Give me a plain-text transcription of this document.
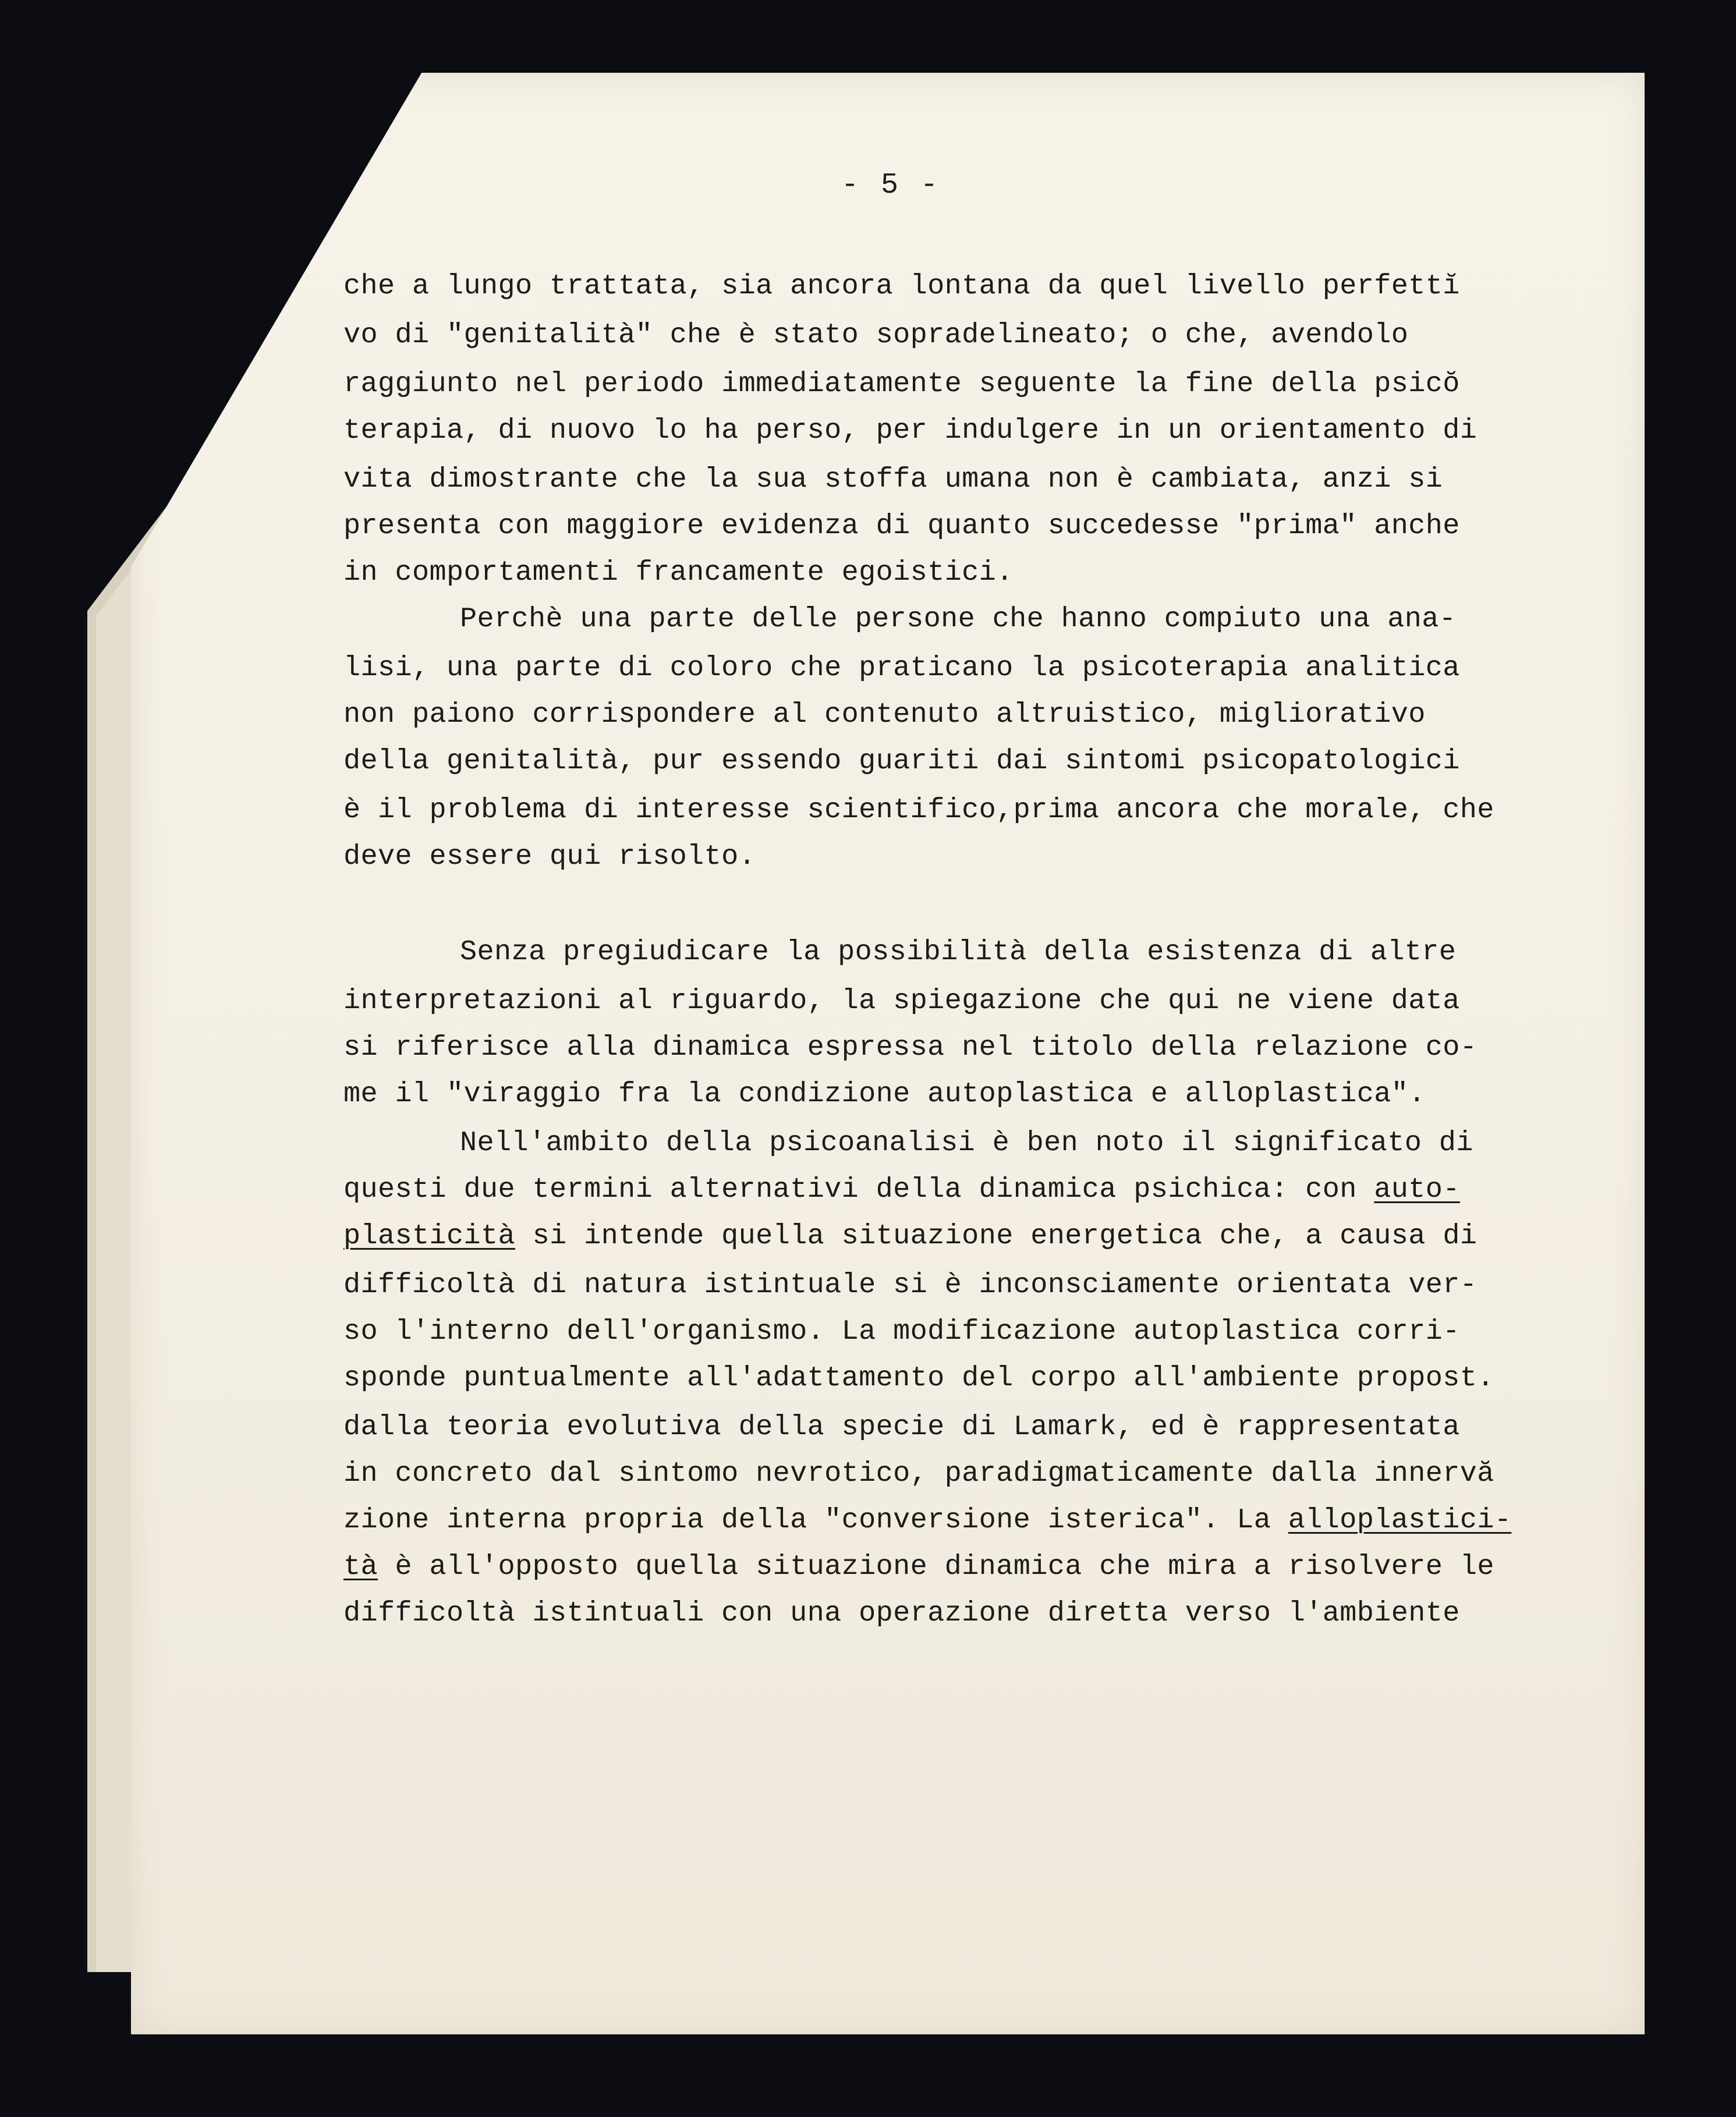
- 5 -
che a lungo trattata, sia ancora lontana da quel livello perfettĭ
vo di "genitalità" che è stato sopradelineato; o che, avendolo
raggiunto nel periodo immediatamente seguente la fine della psicŏ
terapia, di nuovo lo ha perso, per indulgere in un orientamento di
vita dimostrante che la sua stoffa umana non è cambiata, anzi si
presenta con maggiore evidenza di quanto succedesse "prima" anche
in comportamenti francamente egoistici.
Perchè una parte delle persone che hanno compiuto una ana-
lisi, una parte di coloro che praticano la psicoterapia analitica
non paiono corrispondere al contenuto altruistico, migliorativo
della genitalità, pur essendo guariti dai sintomi psicopatologici
è il problema di interesse scientifico,prima ancora che morale, che
deve essere qui risolto.
Senza pregiudicare la possibilità della esistenza di altre
interpretazioni al riguardo, la spiegazione che qui ne viene data
si riferisce alla dinamica espressa nel titolo della relazione co-
me il "viraggio fra la condizione autoplastica e alloplastica".
Nell'ambito della psicoanalisi è ben noto il significato di
questi due termini alternativi della dinamica psichica: con auto-
plasticità si intende quella situazione energetica che, a causa di
difficoltà di natura istintuale si è inconsciamente orientata ver-
so l'interno dell'organismo. La modificazione autoplastica corri-
sponde puntualmente all'adattamento del corpo all'ambiente propost.
dalla teoria evolutiva della specie di Lamark, ed è rappresentata
in concreto dal sintomo nevrotico, paradigmaticamente dalla innervă
zione interna propria della "conversione isterica". La alloplastici-
tà è all'opposto quella situazione dinamica che mira a risolvere le
difficoltà istintuali con una operazione diretta verso l'ambiente
